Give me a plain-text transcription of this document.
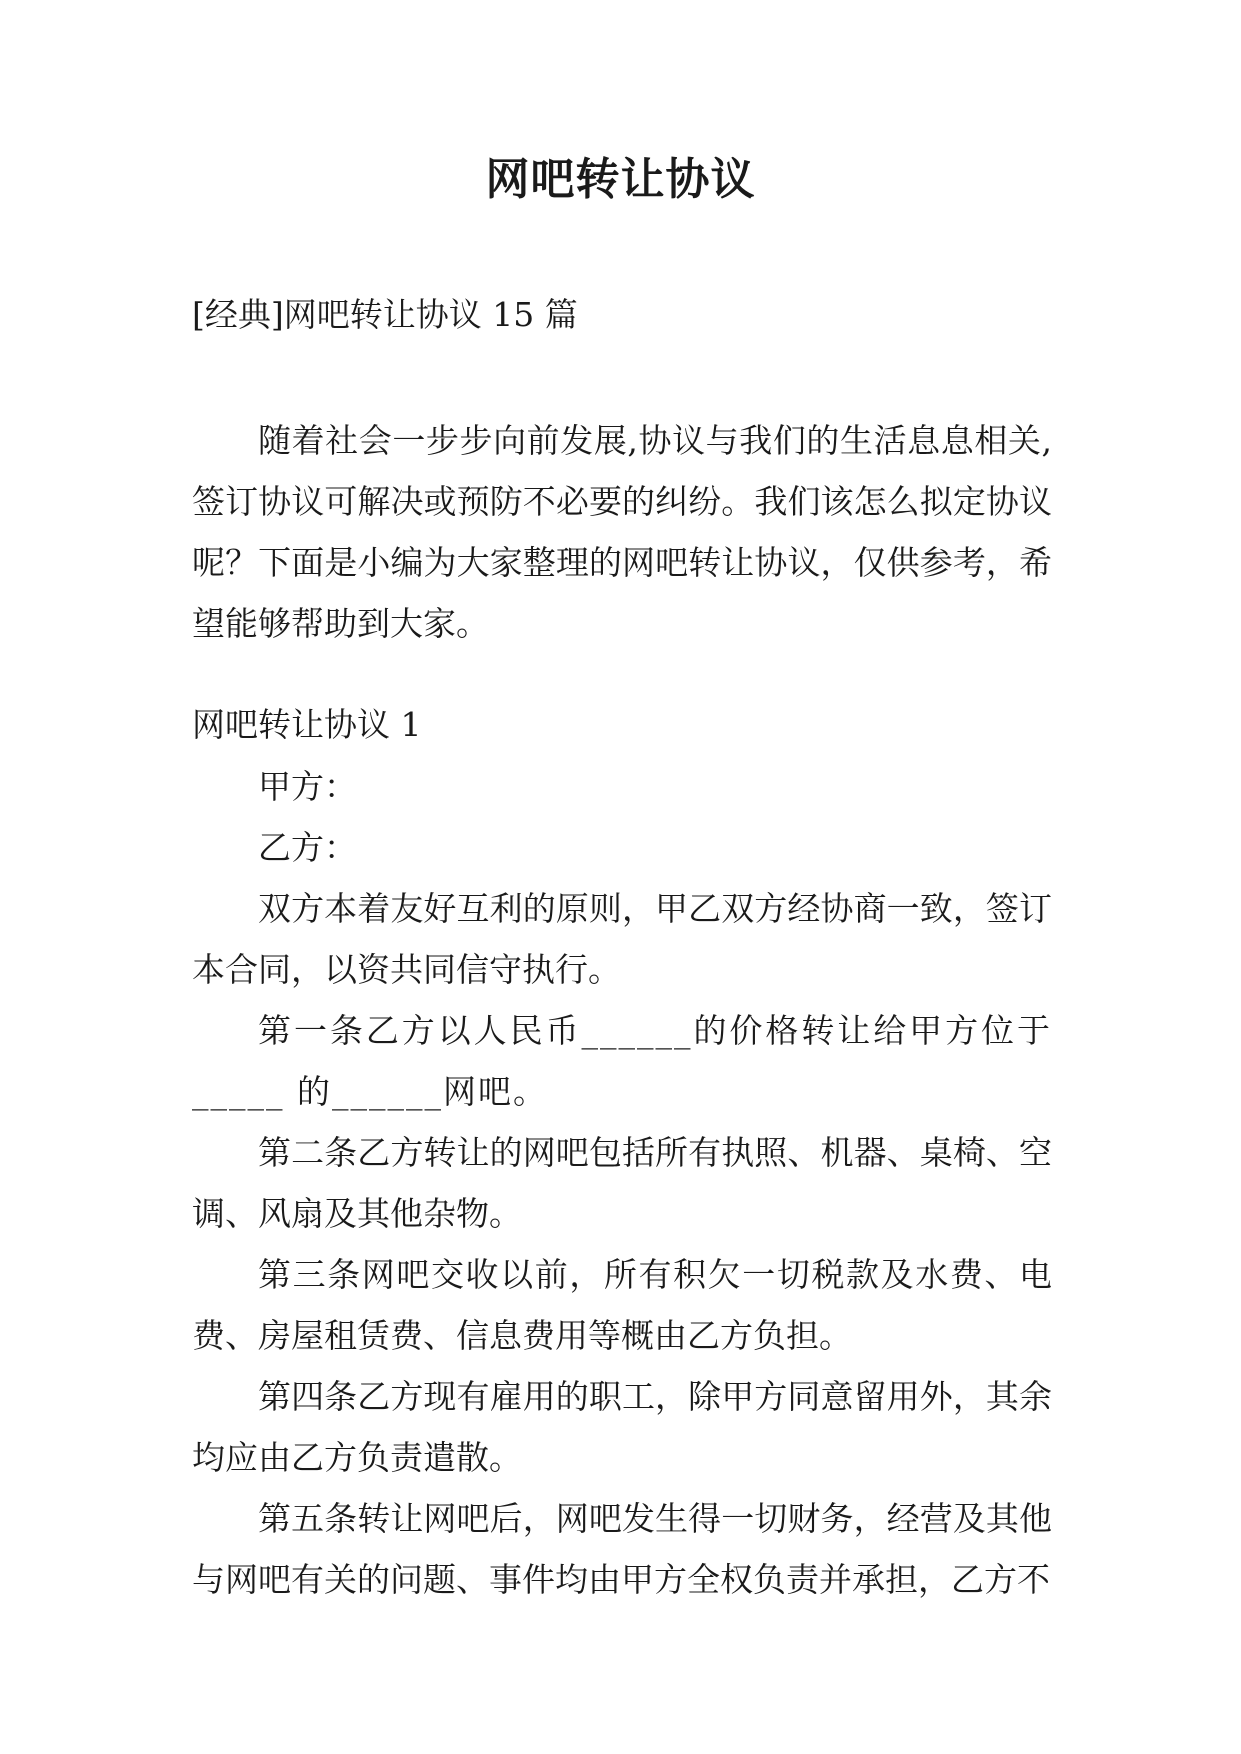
网吧转让协议
[经典]网吧转让协议 15 篇

随着社会一步步向前发展,协议与我们的生活息息相关,签订协议可解决或预防不必要的纠纷。我们该怎么拟定协议呢？下面是小编为大家整理的网吧转让协议，仅供参考，希望能够帮助到大家。

网吧转让协议 1

甲方：

乙方：

双方本着友好互利的原则，甲乙双方经协商一致，签订本合同，以资共同信守执行。

第一条乙方以人民币______的价格转让给甲方位于_____ 的______网吧。

第二条乙方转让的网吧包括所有执照、机器、桌椅、空调、风扇及其他杂物。

第三条网吧交收以前，所有积欠一切税款及水费、电费、房屋租赁费、信息费用等概由乙方负担。

第四条乙方现有雇用的职工，除甲方同意留用外，其余均应由乙方负责遣散。

第五条转让网吧后，网吧发生得一切财务，经营及其他与网吧有关的问题、事件均由甲方全权负责并承担，乙方不
